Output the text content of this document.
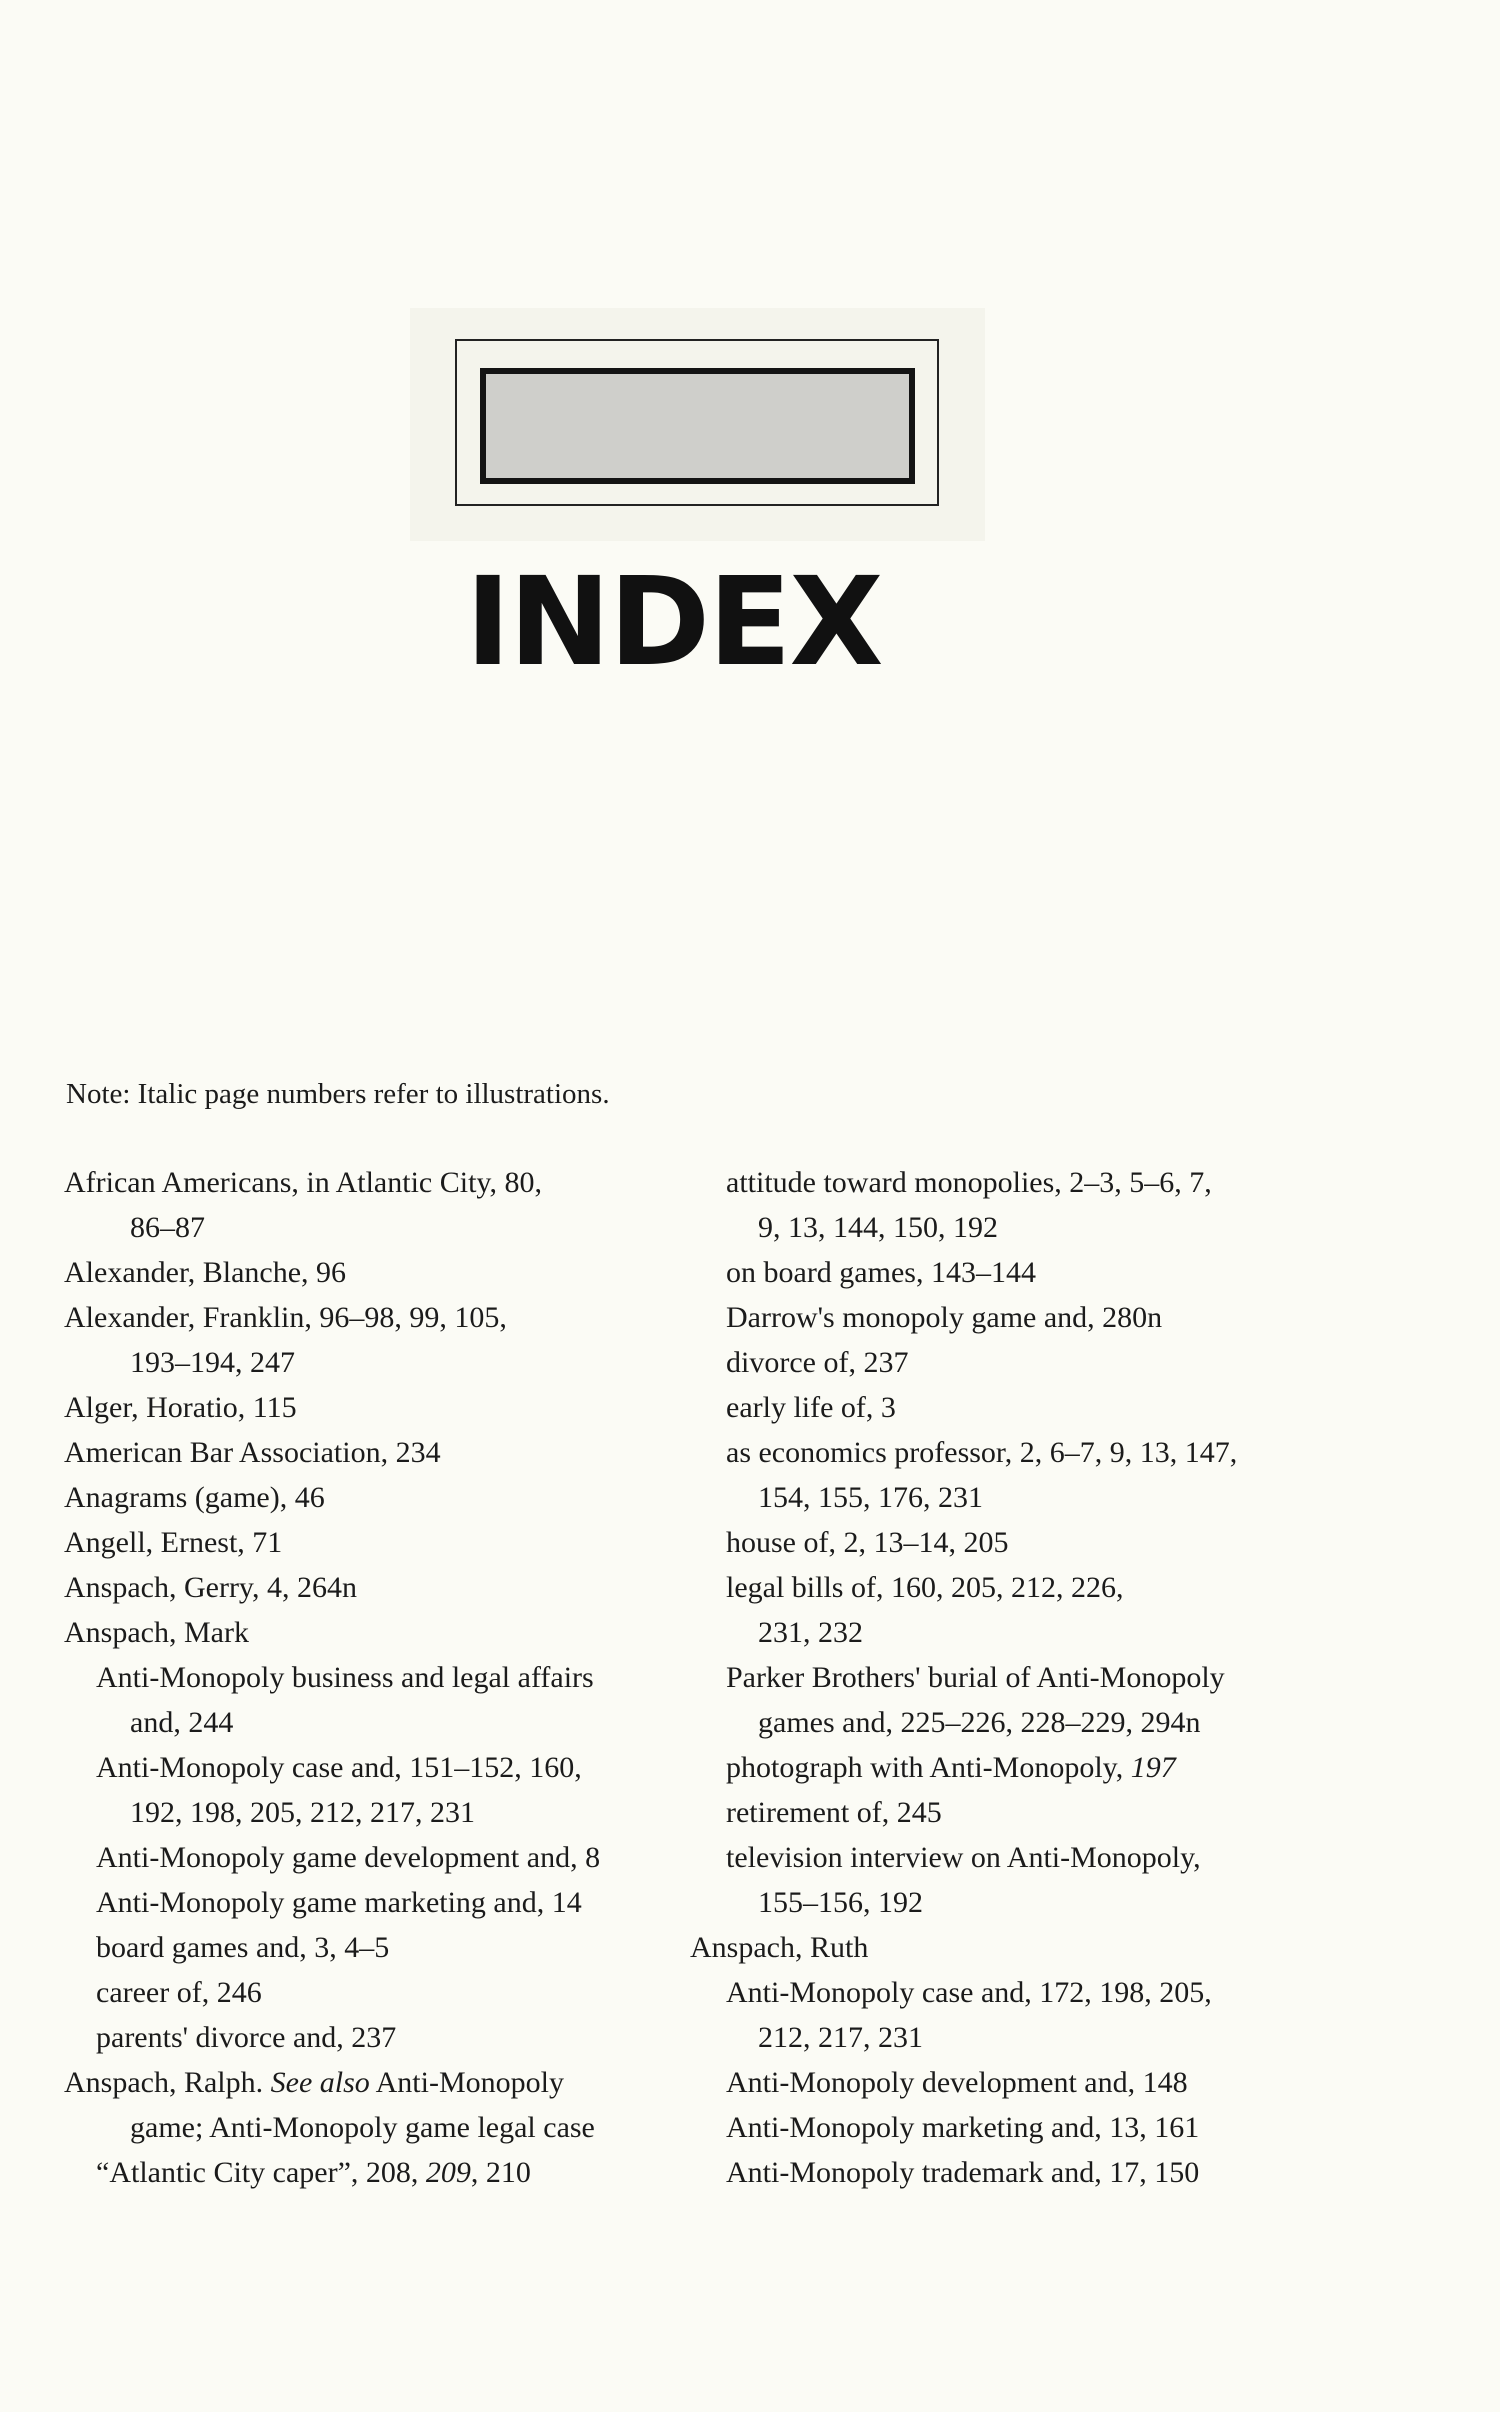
INDEX
Note: Italic page numbers refer to illustrations.
African Americans, in Atlantic City, 80,
86–87
Alexander, Blanche, 96
Alexander, Franklin, 96–98, 99, 105,
193–194, 247
Alger, Horatio, 115
American Bar Association, 234
Anagrams (game), 46
Angell, Ernest, 71
Anspach, Gerry, 4, 264n
Anspach, Mark
Anti-Monopoly business and legal affairs
and, 244
Anti-Monopoly case and, 151–152, 160,
192, 198, 205, 212, 217, 231
Anti-Monopoly game development and, 8
Anti-Monopoly game marketing and, 14
board games and, 3, 4–5
career of, 246
parents' divorce and, 237
Anspach, Ralph. See also Anti-Monopoly
game; Anti-Monopoly game legal case
“Atlantic City caper”, 208, 209, 210
attitude toward monopolies, 2–3, 5–6, 7,
9, 13, 144, 150, 192
on board games, 143–144
Darrow's monopoly game and, 280n
divorce of, 237
early life of, 3
as economics professor, 2, 6–7, 9, 13, 147,
154, 155, 176, 231
house of, 2, 13–14, 205
legal bills of, 160, 205, 212, 226,
231, 232
Parker Brothers' burial of Anti-Monopoly
games and, 225–226, 228–229, 294n
photograph with Anti-Monopoly, 197
retirement of, 245
television interview on Anti-Monopoly,
155–156, 192
Anspach, Ruth
Anti-Monopoly case and, 172, 198, 205,
212, 217, 231
Anti-Monopoly development and, 148
Anti-Monopoly marketing and, 13, 161
Anti-Monopoly trademark and, 17, 150
